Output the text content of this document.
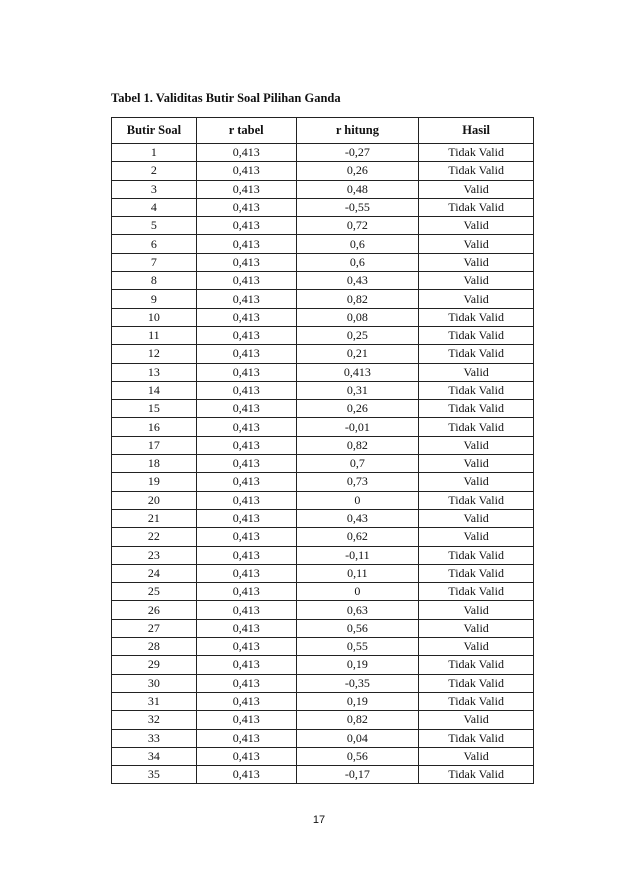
Tabel 1. Validitas Butir Soal Pilihan Ganda
Butir Soal	r tabel	r hitung	Hasil
1	0,413	-0,27	Tidak Valid
2	0,413	0,26	Tidak Valid
3	0,413	0,48	Valid
4	0,413	-0,55	Tidak Valid
5	0,413	0,72	Valid
6	0,413	0,6	Valid
7	0,413	0,6	Valid
8	0,413	0,43	Valid
9	0,413	0,82	Valid
10	0,413	0,08	Tidak Valid
11	0,413	0,25	Tidak Valid
12	0,413	0,21	Tidak Valid
13	0,413	0,413	Valid
14	0,413	0,31	Tidak Valid
15	0,413	0,26	Tidak Valid
16	0,413	-0,01	Tidak Valid
17	0,413	0,82	Valid
18	0,413	0,7	Valid
19	0,413	0,73	Valid
20	0,413	0	Tidak Valid
21	0,413	0,43	Valid
22	0,413	0,62	Valid
23	0,413	-0,11	Tidak Valid
24	0,413	0,11	Tidak Valid
25	0,413	0	Tidak Valid
26	0,413	0,63	Valid
27	0,413	0,56	Valid
28	0,413	0,55	Valid
29	0,413	0,19	Tidak Valid
30	0,413	-0,35	Tidak Valid
31	0,413	0,19	Tidak Valid
32	0,413	0,82	Valid
33	0,413	0,04	Tidak Valid
34	0,413	0,56	Valid
35	0,413	-0,17	Tidak Valid
17
